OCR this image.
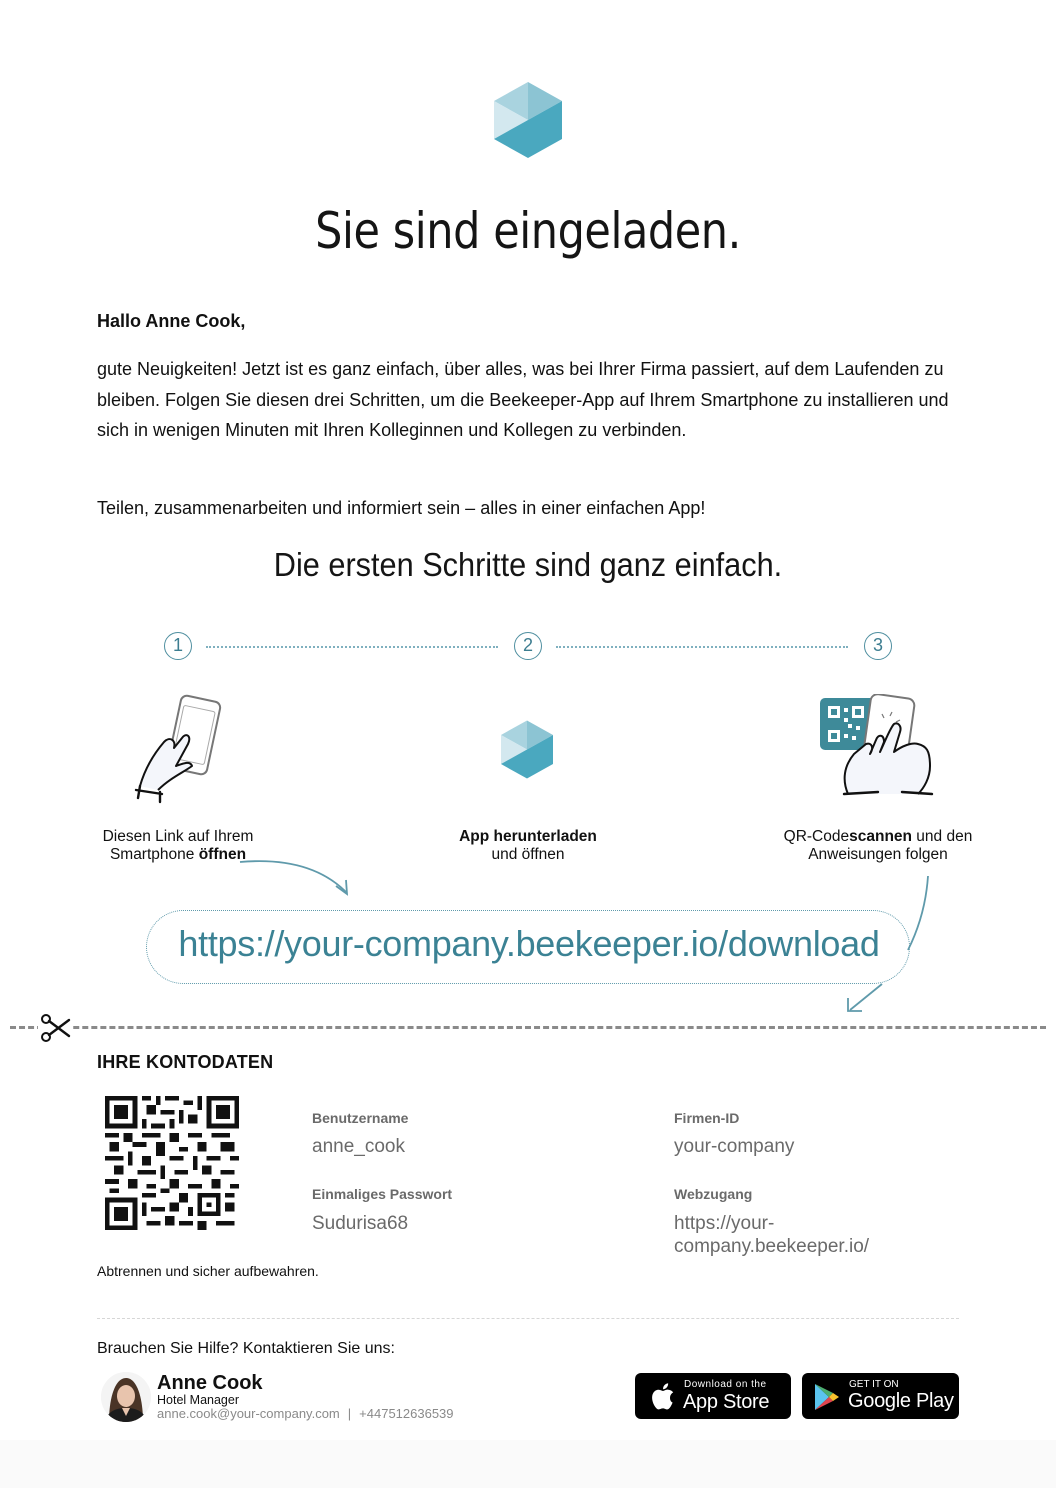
Sie sind eingeladen.
Hallo Anne Cook,
gute Neuigkeiten! Jetzt ist es ganz einfach, über alles, was bei Ihrer Firma passiert, auf dem Laufenden zu bleiben. Folgen Sie diesen drei Schritten, um die Beekeeper-App auf Ihrem Smartphone zu installieren und sich in wenigen Minuten mit Ihren Kolleginnen und Kollegen zu verbinden.
Teilen, zusammenarbeiten und informiert sein – alles in einer einfachen App!
Die ersten Schritte sind ganz einfach.
1	2	3
Diesen Link auf Ihrem
Smartphone öffnen
App herunterladen
und öffnen
QR-Codescannen und den
Anweisungen folgen
https://your-company.beekeeper.io/download
IHRE KONTODATEN
Benutzername
anne_cook
Einmaliges Passwort
Sudurisa68
Firmen-ID
your-company
Webzugang
https://your-
company.beekeeper.io/
Abtrennen und sicher aufbewahren.
Brauchen Sie Hilfe? Kontaktieren Sie uns:
Anne Cook
Hotel Manager
anne.cook@your-company.com | +447512636539
Download on the
App Store
GET IT ON
Google Play
